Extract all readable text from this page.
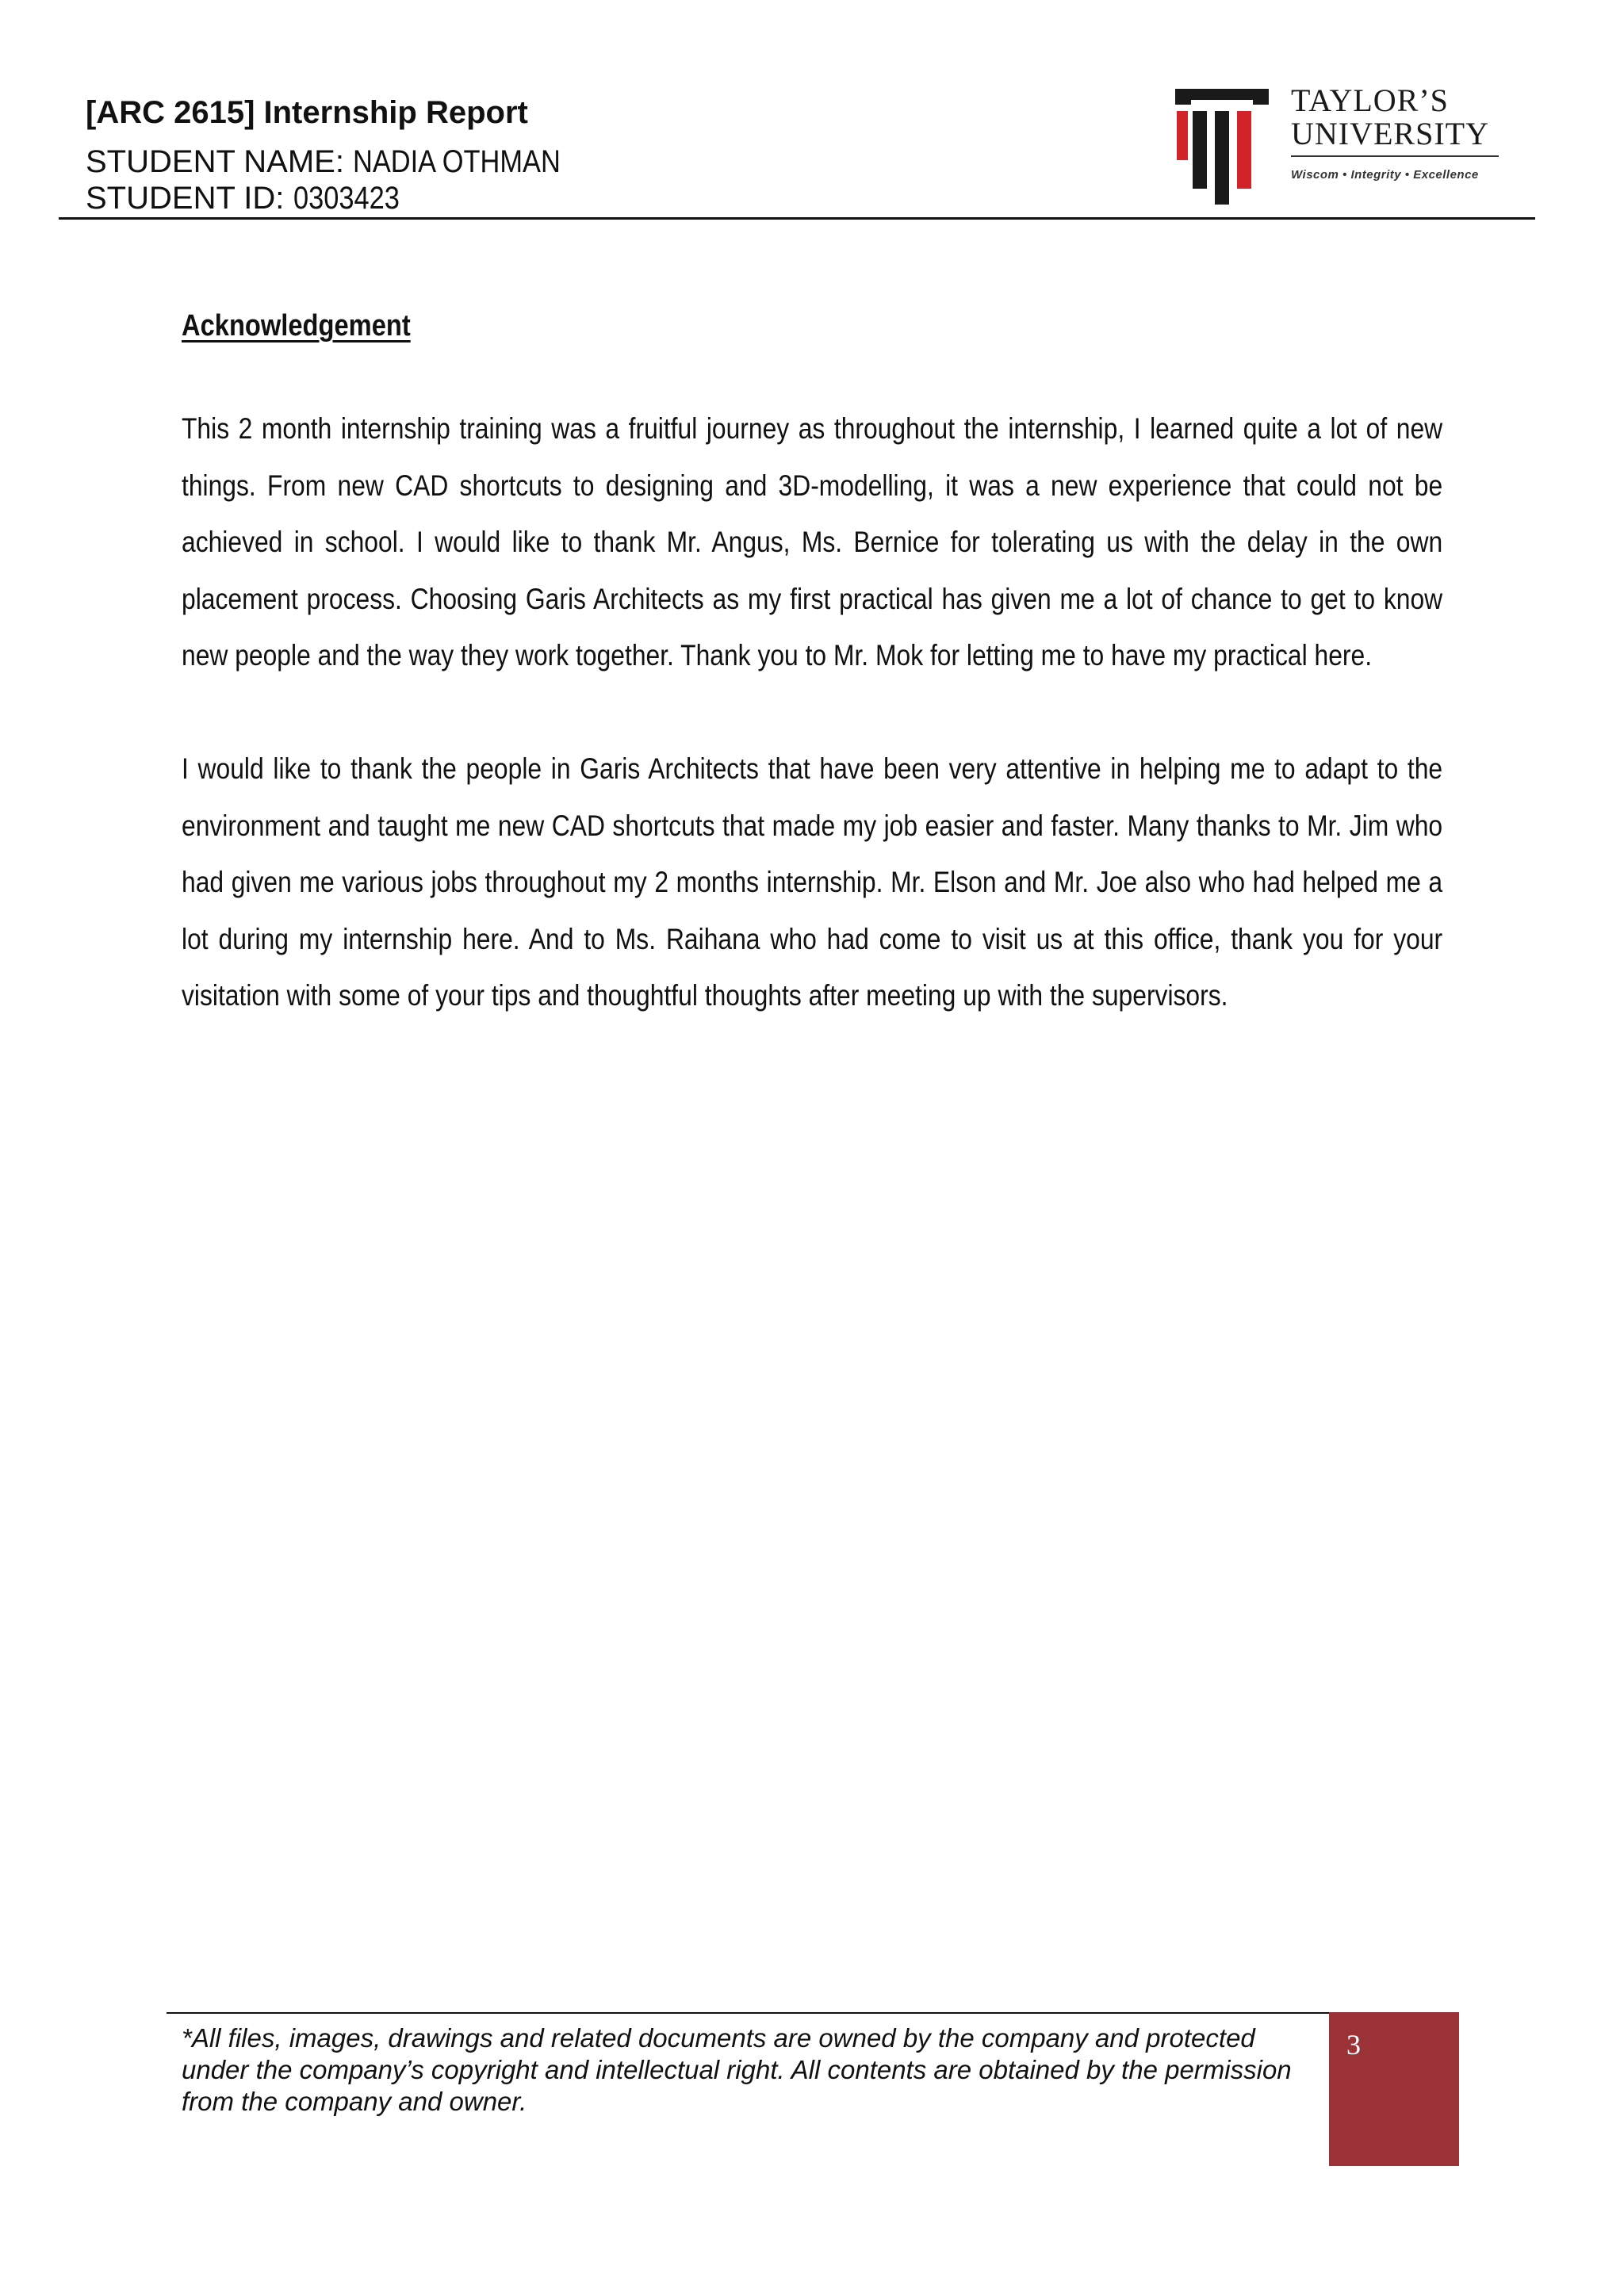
[ARC 2615] Internship Report
STUDENT NAME: NADIA OTHMAN
STUDENT ID: 0303423
TAYLOR’S
UNIVERSITY
Wiscom • Integrity • Excellence
Acknowledgement

This 2 month internship training was a fruitful journey as throughout the internship, I learned quite a lot of new things. From new CAD shortcuts to designing and 3D-modelling, it was a new experience that could not be achieved in school. I would like to thank Mr. Angus, Ms. Bernice for tolerating us with the delay in the own placement process. Choosing Garis Architects as my first practical has given me a lot of chance to get to know new people and the way they work together. Thank you to Mr. Mok for letting me to have my practical here.

I would like to thank the people in Garis Architects that have been very attentive in helping me to adapt to the environment and taught me new CAD shortcuts that made my job easier and faster. Many thanks to Mr. Jim who had given me various jobs throughout my 2 months internship. Mr. Elson and Mr. Joe also who had helped me a lot during my internship here. And to Ms. Raihana who had come to visit us at this office, thank you for your visitation with some of your tips and thoughtful thoughts after meeting up with the supervisors.

*All files, images, drawings and related documents are owned by the company and protected under the company’s copyright and intellectual right. All contents are obtained by the permission from the company and owner.
3
